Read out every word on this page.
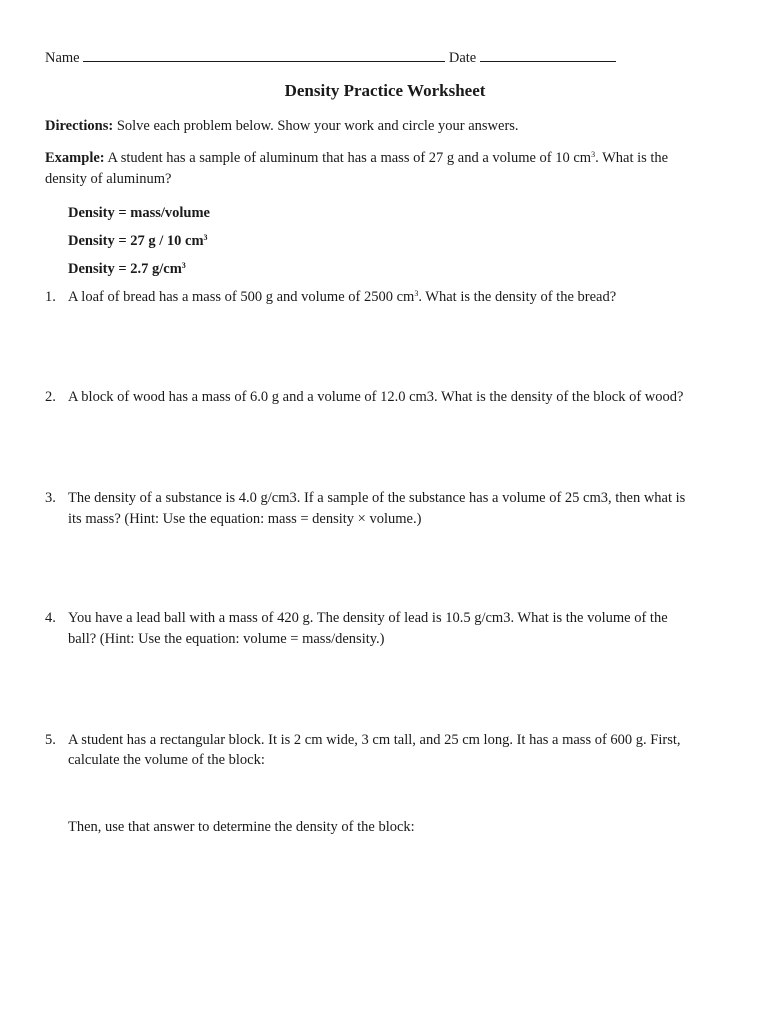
Name	Date
Density Practice Worksheet
Directions: Solve each problem below. Show your work and circle your answers.
Example: A student has a sample of aluminum that has a mass of 27 g and a volume of 10 $cm^3$. What is the
density of aluminum?
Density = mass/volume
Density = 27 g / 10 $cm^3$
Density = 2.7 $g/cm^3$
1. A loaf of bread has a mass of 500 g and volume of 2500 $cm^3$. What is the density of the bread?
2. A block of wood has a mass of 6.0 g and a volume of 12.0 cm3. What is the density of the block of wood?
3. The density of a substance is 4.0 g/cm3. If a sample of the substance has a volume of 25 cm3, then what is
its mass? (Hint: Use the equation: mass = density × volume.)
4. You have a lead ball with a mass of 420 g. The density of lead is 10.5 g/cm3. What is the volume of the
ball? (Hint: Use the equation: volume = mass/density.)
5. A student has a rectangular block. It is 2 cm wide, 3 cm tall, and 25 cm long. It has a mass of 600 g. First,
calculate the volume of the block:
Then, use that answer to determine the density of the block:
